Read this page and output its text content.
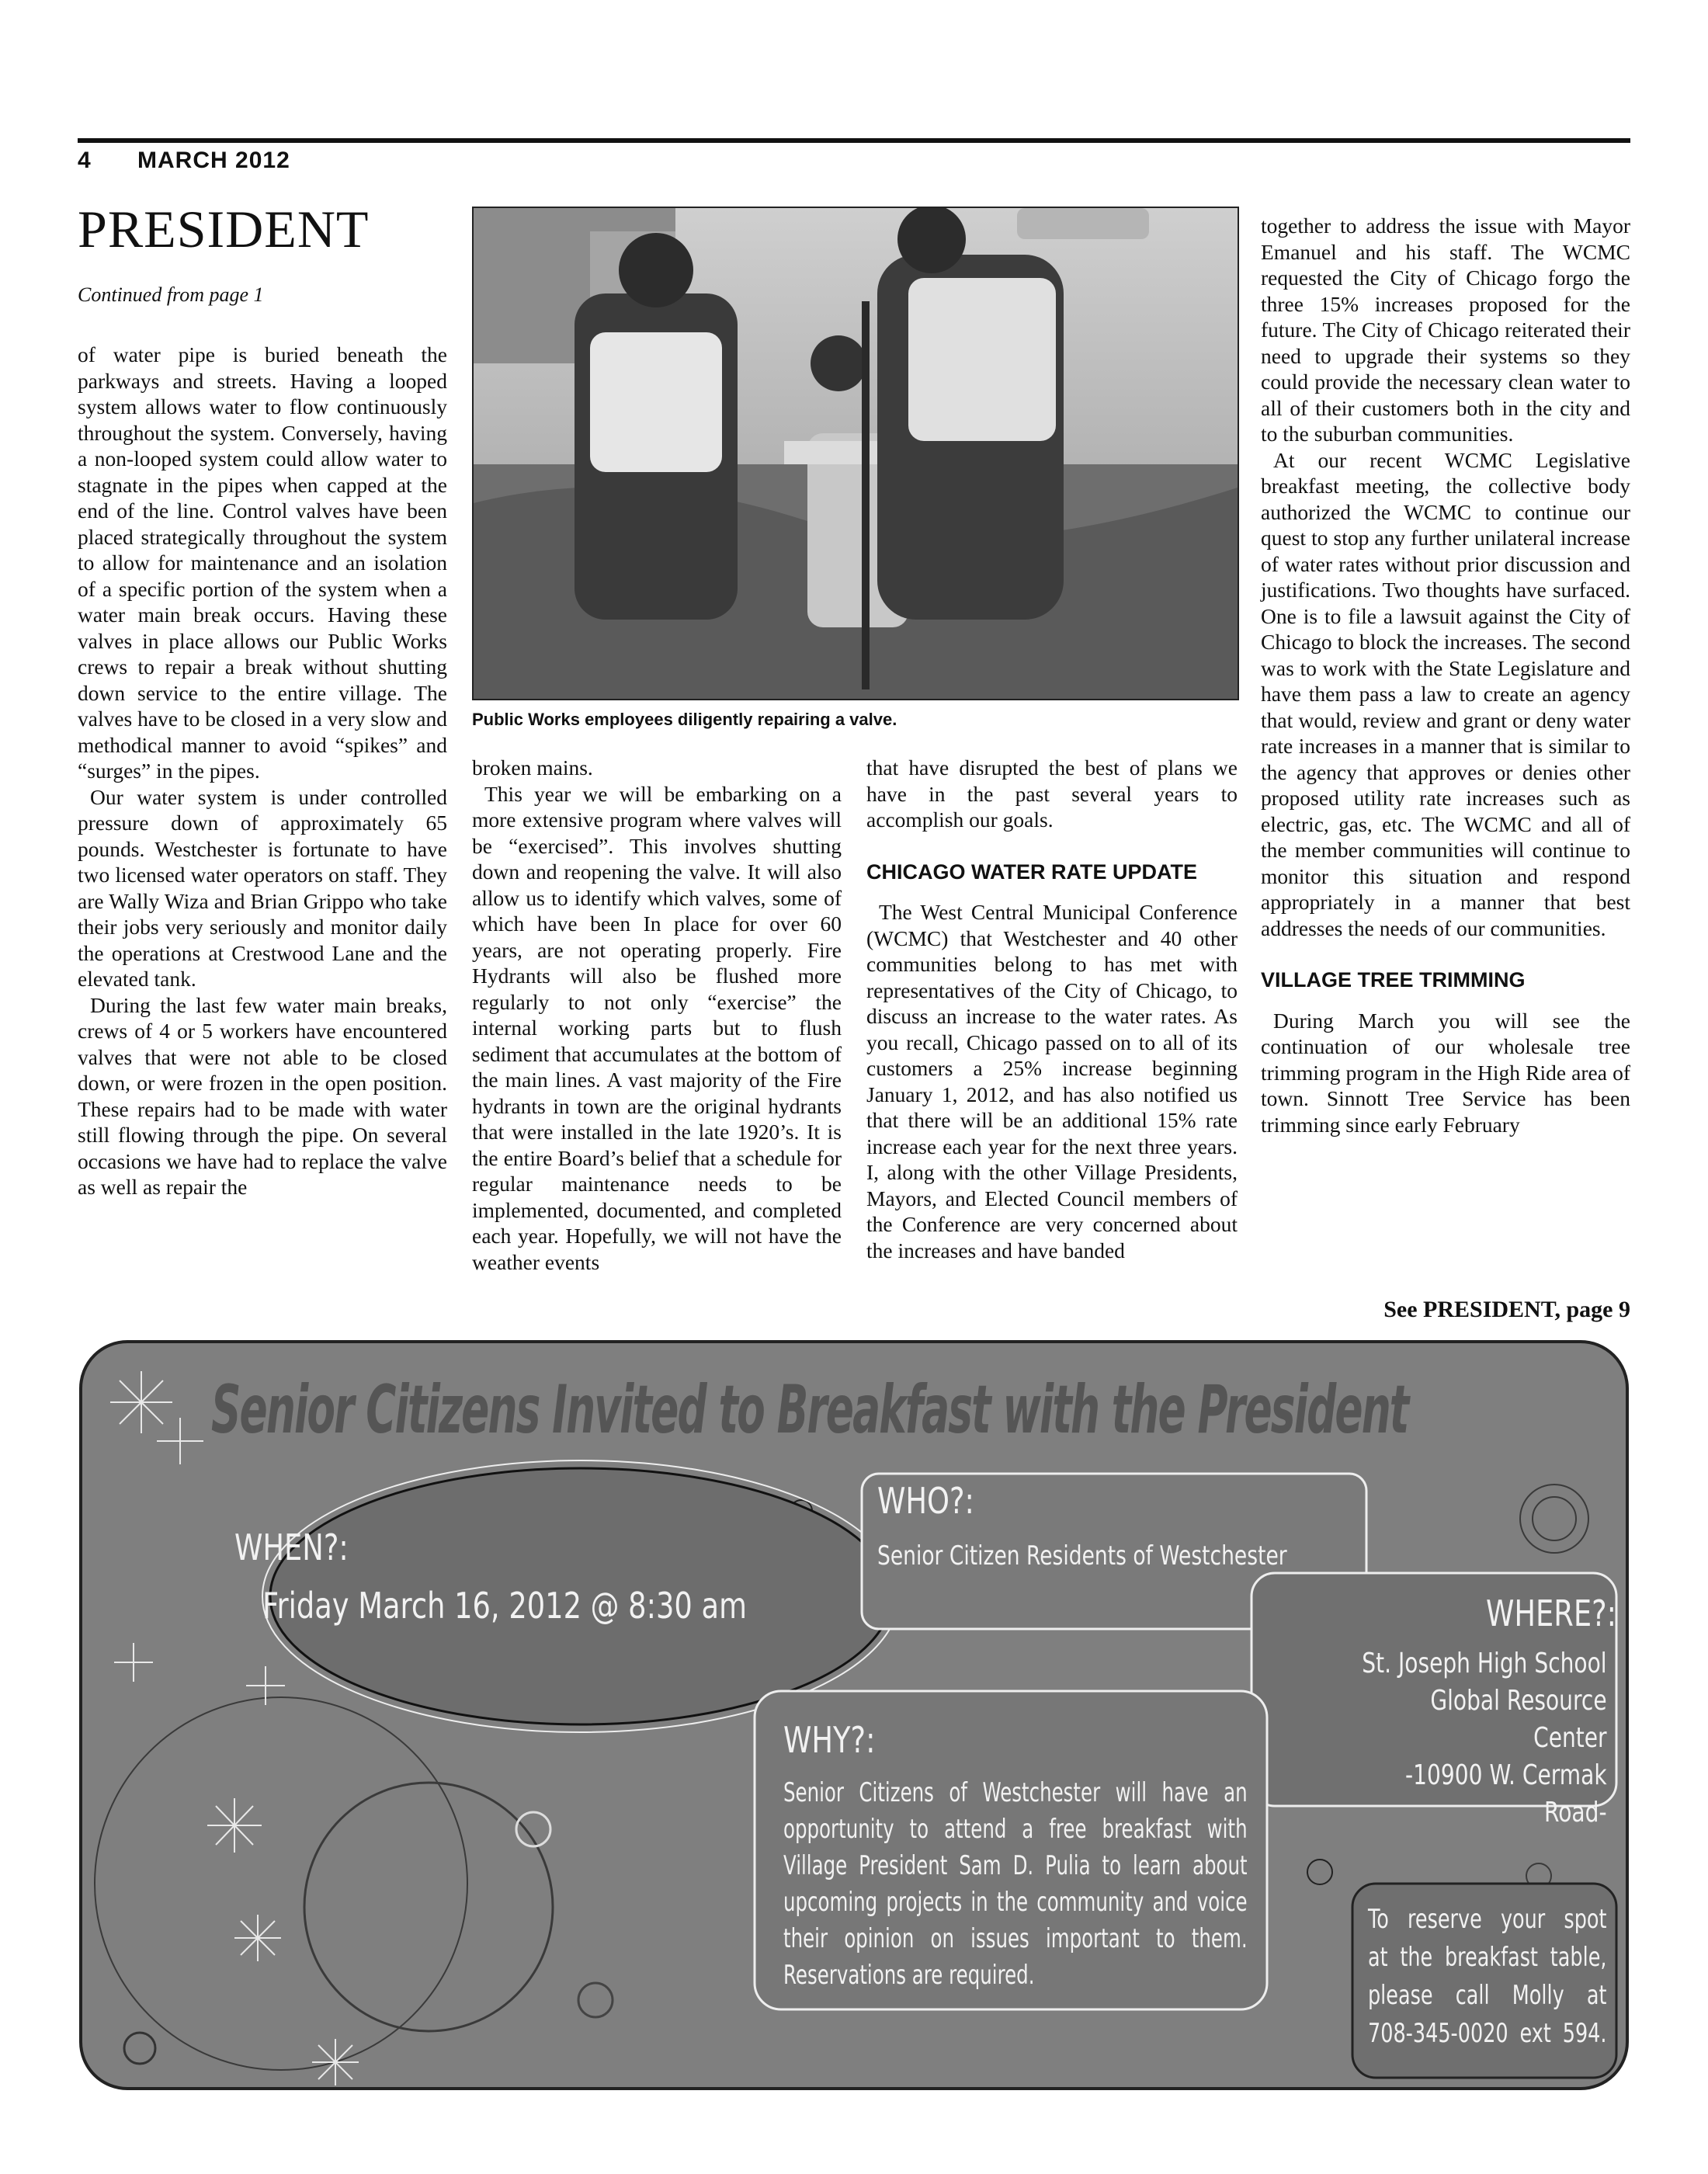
4 MARCH 2012
PRESIDENT
Continued from page 1

of water pipe is buried beneath the parkways and streets. Having a looped system allows water to flow continuously throughout the system. Conversely, having a non-looped system could allow water to stagnate in the pipes when capped at the end of the line. Control valves have been placed strategically throughout the system to allow for maintenance and an isolation of a specific portion of the system when a water main break occurs. Having these valves in place allows our Public Works crews to repair a break without shutting down service to the entire village. The valves have to be closed in a very slow and methodical manner to avoid “spikes” and “surges” in the pipes.

Our water system is under controlled pressure down of approximately 65 pounds. Westchester is fortunate to have two licensed water operators on staff. They are Wally Wiza and Brian Grippo who take their jobs very seriously and monitor daily the operations at Crestwood Lane and the elevated tank.

During the last few water main breaks, crews of 4 or 5 workers have encountered valves that were not able to be closed down, or were frozen in the open position. These repairs had to be made with water still flowing through the pipe. On several occasions we have had to replace the valve as well as repair the

Public Works employees diligently repairing a valve.

broken mains.

This year we will be embarking on a more extensive program where valves will be “exercised”. This involves shutting down and reopening the valve. It will also allow us to identify which valves, some of which have been In place for over 60 years, are not operating properly. Fire Hydrants will also be flushed more regularly to not only “exercise” the internal working parts but to flush sediment that accumulates at the bottom of the main lines. A vast majority of the Fire hydrants in town are the original hydrants that were installed in the late 1920’s. It is the entire Board’s belief that a schedule for regular maintenance needs to be implemented, documented, and completed each year. Hopefully, we will not have the weather events

that have disrupted the best of plans we have in the past several years to accomplish our goals.

CHICAGO WATER RATE UPDATE

The West Central Municipal Conference (WCMC) that Westchester and 40 other communities belong to has met with representatives of the City of Chicago, to discuss an increase to the water rates. As you recall, Chicago passed on to all of its customers a 25% increase beginning January 1, 2012, and has also notified us that there will be an additional 15% rate increase each year for the next three years. I, along with the other Village Presidents, Mayors, and Elected Council members of the Conference are very concerned about the increases and have banded

together to address the issue with Mayor Emanuel and his staff. The WCMC requested the City of Chicago forgo the three 15% increases proposed for the future. The City of Chicago reiterated their need to upgrade their systems so they could provide the necessary clean water to all of their customers both in the city and to the suburban communities.

At our recent WCMC Legislative breakfast meeting, the collective body authorized the WCMC to continue our quest to stop any further unilateral increase of water rates without prior discussion and justifications. Two thoughts have surfaced. One is to file a lawsuit against the City of Chicago to block the increases. The second was to work with the State Legislature and have them pass a law to create an agency that would, review and grant or deny water rate increases in a manner that is similar to the agency that approves or denies other proposed utility rate increases such as electric, gas, etc. The WCMC and all of the member communities will continue to monitor this situation and respond appropriately in a manner that best addresses the needs of our communities.

VILLAGE TREE TRIMMING

During March you will see the continuation of our wholesale tree trimming program in the High Ride area of town. Sinnott Tree Service has been trimming since early February

See PRESIDENT, page 9
Senior Citizens Invited to Breakfast with the President
WHEN?:
Friday March 16, 2012 @ 8:30 am
WHO?:
Senior Citizen Residents of Westchester
WHERE?:
St. Joseph High School
Global Resource Center
-10900 W. Cermak Road-
WHY?:
Senior Citizens of Westchester will have an opportunity to attend a free breakfast with Village President Sam D. Pulia to learn about upcoming projects in the community and voice their opinion on issues important to them. Reservations are required.
To reserve your spot
at the breakfast table,
please call Molly at
708-345-0020 ext 594.
